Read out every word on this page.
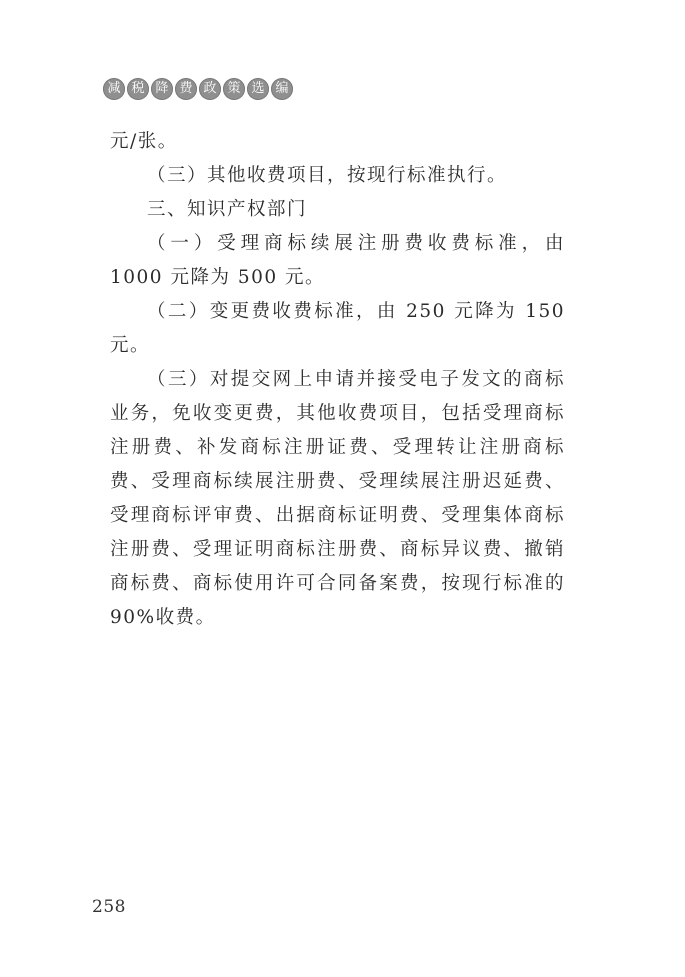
减 税 降 费 政 策 选 编

元/张。

（三）其他收费项目，按现行标准执行。

三、知识产权部门

（一）受理商标续展注册费收费标准，由 1000 元降为 500 元。

（二）变更费收费标准，由 250 元降为 150 元。

（三）对提交网上申请并接受电子发文的商标业务，免收变更费，其他收费项目，包括受理商标注册费、补发商标注册证费、受理转让注册商标费、受理商标续展注册费、受理续展注册迟延费、受理商标评审费、出据商标证明费、受理集体商标注册费、受理证明商标注册费、商标异议费、撤销商标费、商标使用许可合同备案费，按现行标准的 90%收费。

258
